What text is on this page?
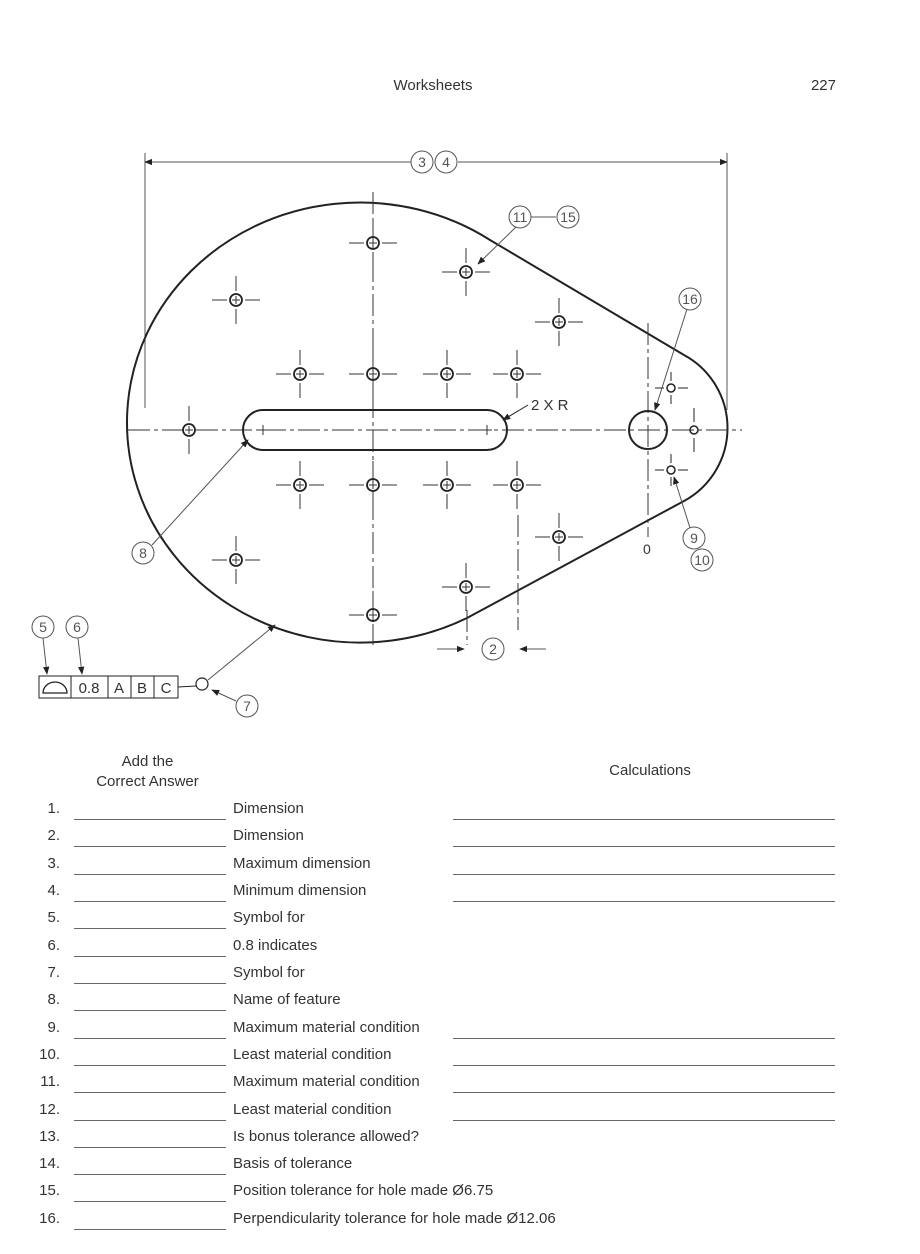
Worksheets	227
2 X R
0
0.8 A B C
3 4
11 15
16
8
9
10
5 6
7
2
Add the
Correct Answer
Calculations
1.	Dimension
2.	Dimension
3.	Maximum dimension
4.	Minimum dimension
5.	Symbol for
6.	0.8 indicates
7.	Symbol for
8.	Name of feature
9.	Maximum material condition
10.	Least material condition
11.	Maximum material condition
12.	Least material condition
13.	Is bonus tolerance allowed?
14.	Basis of tolerance
15.	Position tolerance for hole made Ø6.75
16.	Perpendicularity tolerance for hole made Ø12.06
